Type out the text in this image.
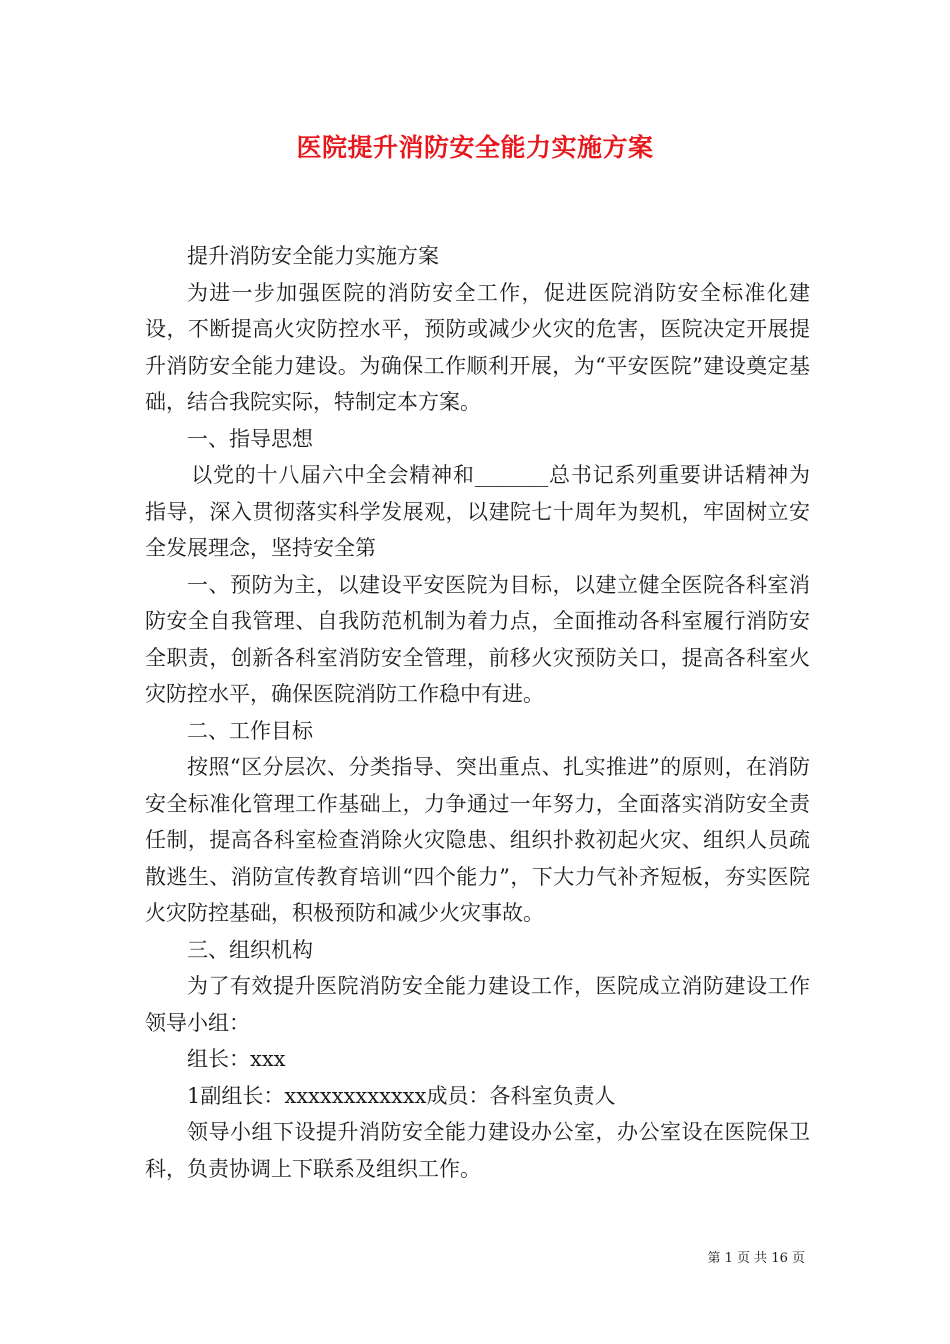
医院提升消防安全能力实施方案

提升消防安全能力实施方案

为进一步加强医院的消防安全工作，促进医院消防安全标准化建设，不断提高火灾防控水平，预防或减少火灾的危害，医院决定开展提升消防安全能力建设。为确保工作顺利开展，为“平安医院”建设奠定基础，结合我院实际，特制定本方案。

一、指导思想

以党的十八届六中全会精神和_______总书记系列重要讲话精神为指导，深入贯彻落实科学发展观，以建院七十周年为契机，牢固树立安全发展理念，坚持安全第

一、预防为主，以建设平安医院为目标，以建立健全医院各科室消防安全自我管理、自我防范机制为着力点，全面推动各科室履行消防安全职责，创新各科室消防安全管理，前移火灾预防关口，提高各科室火灾防控水平，确保医院消防工作稳中有进。

二、工作目标

按照“区分层次、分类指导、突出重点、扎实推进”的原则，在消防安全标准化管理工作基础上，力争通过一年努力，全面落实消防安全责任制，提高各科室检查消除火灾隐患、组织扑救初起火灾、组织人员疏散逃生、消防宣传教育培训“四个能力”，下大力气补齐短板，夯实医院火灾防控基础，积极预防和减少火灾事故。

三、组织机构

为了有效提升医院消防安全能力建设工作，医院成立消防建设工作领导小组：

组长：xxx

1副组长：xxxxxxxxxxxx成员：各科室负责人

领导小组下设提升消防安全能力建设办公室，办公室设在医院保卫科，负责协调上下联系及组织工作。

第 1 页 共 16 页
